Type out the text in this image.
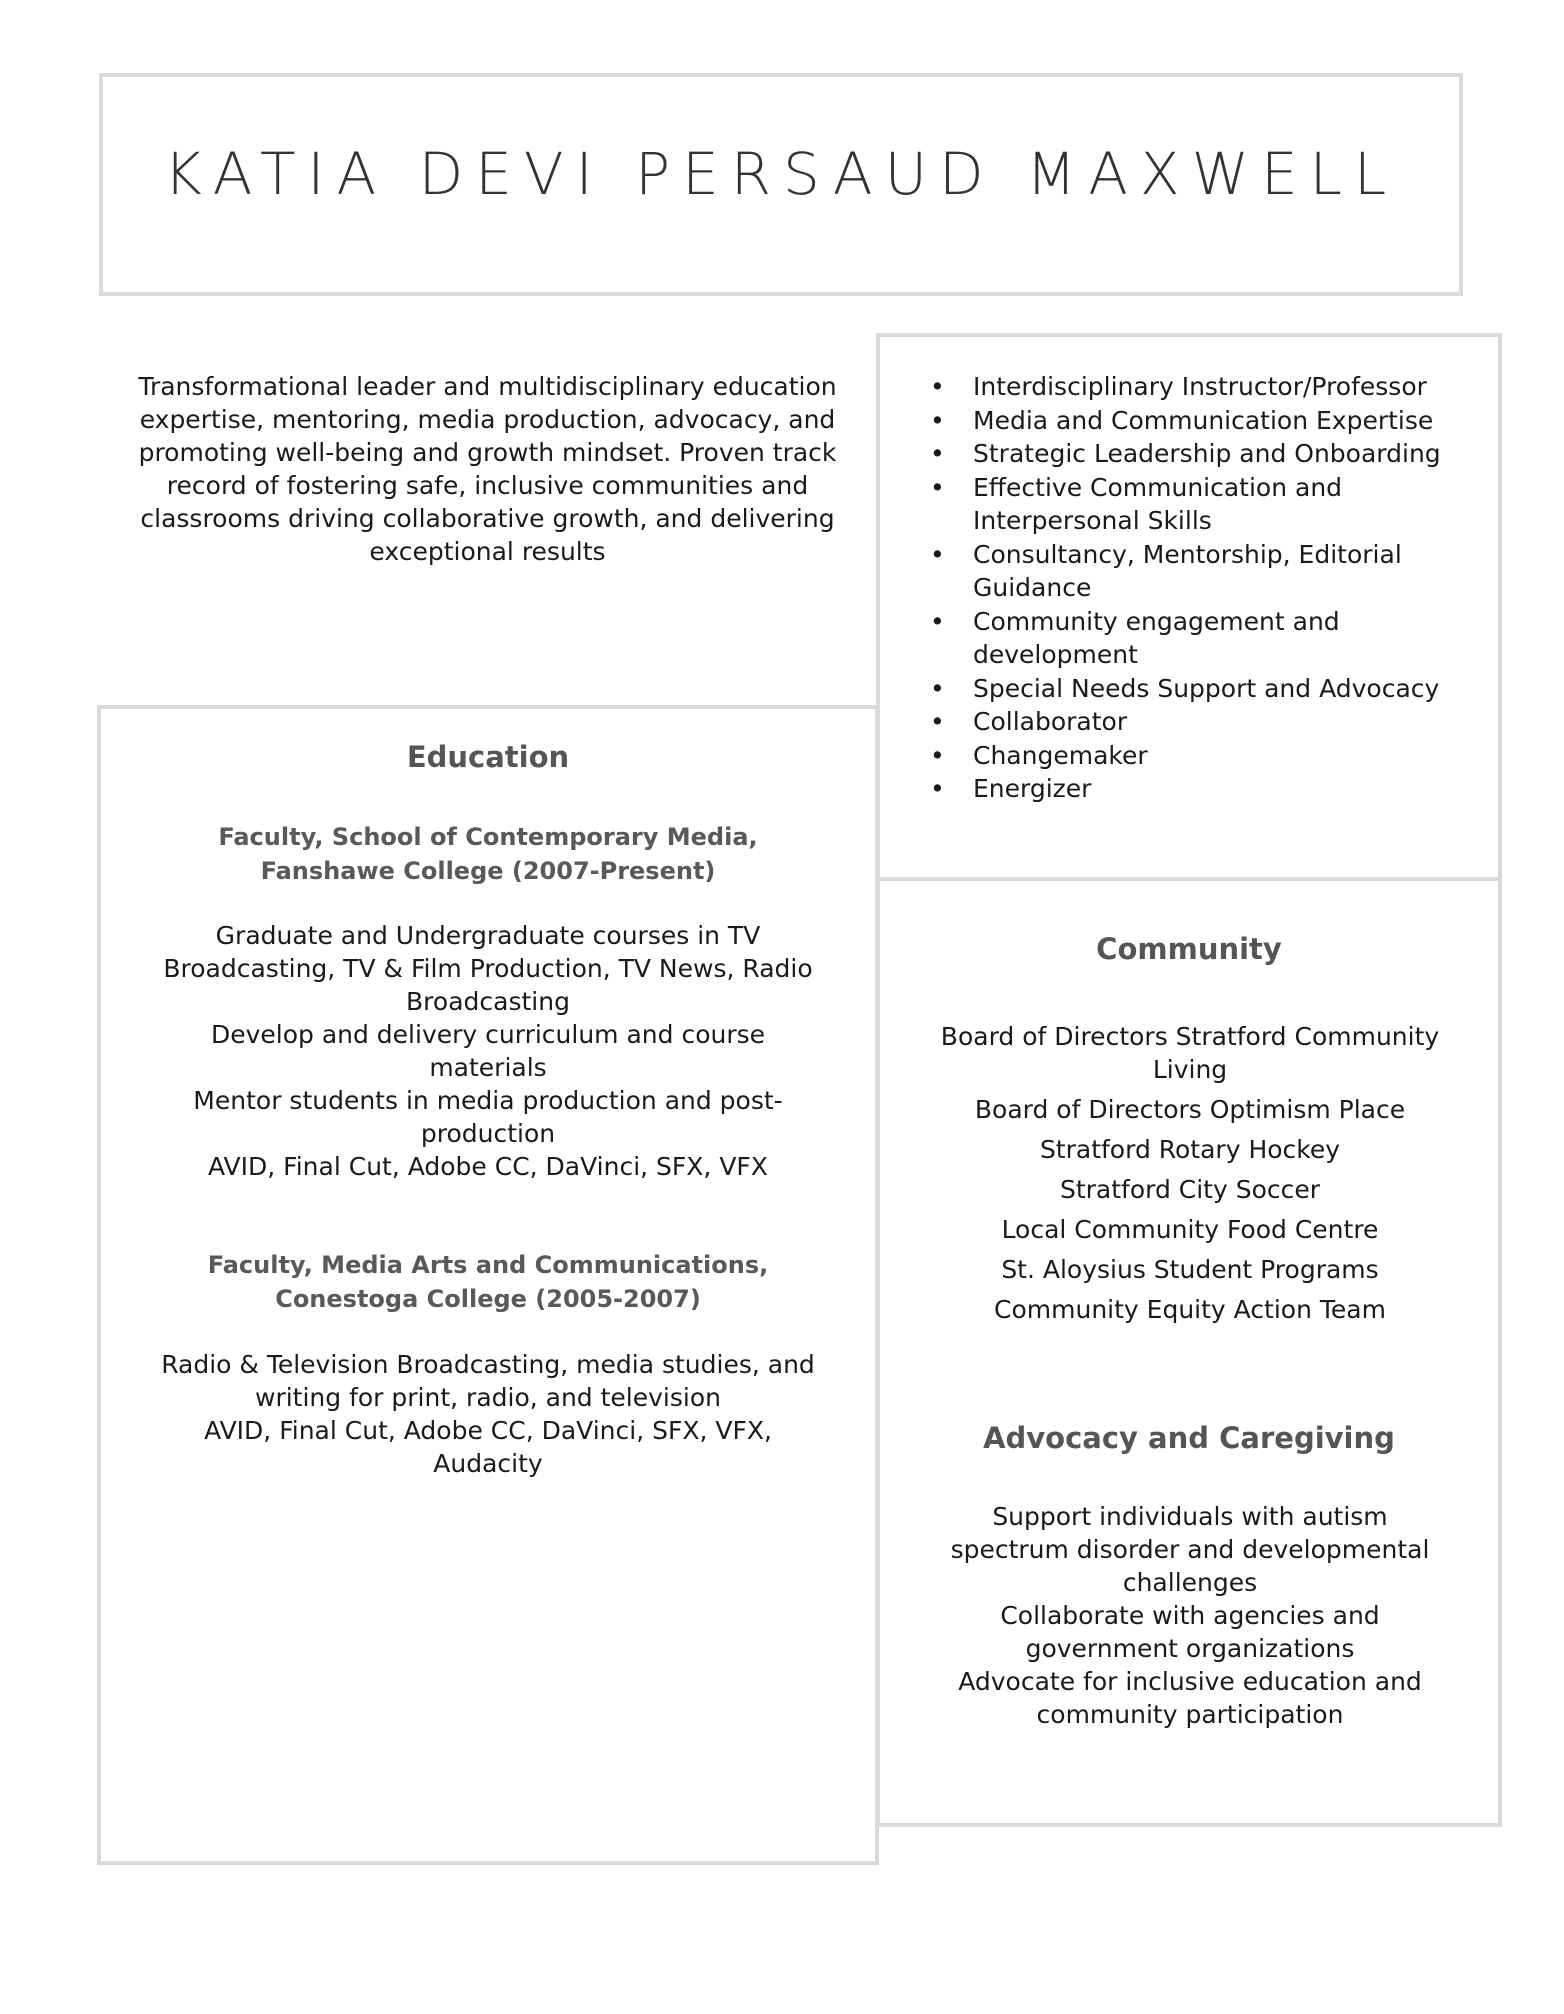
KATIA DEVI PERSAUD MAXWELL
Transformational leader and multidisciplinary education expertise, mentoring, media production, advocacy, and promoting well-being and growth mindset. Proven track record of fostering safe, inclusive communities and classrooms driving collaborative growth, and delivering exceptional results
• Interdisciplinary Instructor/Professor
• Media and Communication Expertise
• Strategic Leadership and Onboarding
• Effective Communication and Interpersonal Skills
• Consultancy, Mentorship, Editorial Guidance
• Community engagement and development
• Special Needs Support and Advocacy
• Collaborator
• Changemaker
• Energizer
Education
Faculty, School of Contemporary Media, Fanshawe College (2007-Present)
Graduate and Undergraduate courses in TV Broadcasting, TV & Film Production, TV News, Radio Broadcasting
Develop and delivery curriculum and course materials
Mentor students in media production and post-production
AVID, Final Cut, Adobe CC, DaVinci, SFX, VFX
Faculty, Media Arts and Communications, Conestoga College (2005-2007)
Radio & Television Broadcasting, media studies, and writing for print, radio, and television
AVID, Final Cut, Adobe CC, DaVinci, SFX, VFX, Audacity
Community
Board of Directors Stratford Community Living
Board of Directors Optimism Place
Stratford Rotary Hockey
Stratford City Soccer
Local Community Food Centre
St. Aloysius Student Programs
Community Equity Action Team
Advocacy and Caregiving
Support individuals with autism spectrum disorder and developmental challenges
Collaborate with agencies and government organizations
Advocate for inclusive education and community participation
